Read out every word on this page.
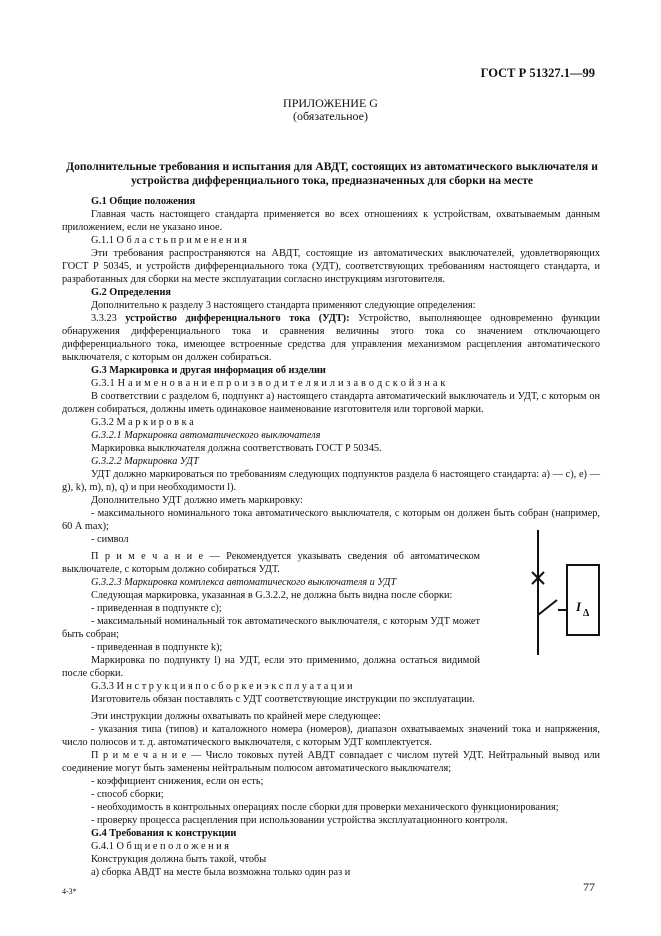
ГОСТ Р 51327.1—99
ПРИЛОЖЕНИЕ G
(обязательное)
Дополнительные требования и испытания для АВДТ, состоящих из автоматического выключателя и устройства дифференциального тока, предназначенных для сборки на месте

G.1 Общие положения

Главная часть настоящего стандарта применяется во всех отношениях к устройствам, охватываемым данным приложением, если не указано иное.

G.1.1 О б л а с т ь п р и м е н е н и я

Эти требования распространяются на АВДТ, состоящие из автоматических выключателей, удовлетворяющих ГОСТ Р 50345, и устройств дифференциального тока (УДТ), соответствующих требованиям настоящего стандарта, и разработанных для сборки на месте эксплуатации согласно инструкциям изготовителя.

G.2 Определения

Дополнительно к разделу 3 настоящего стандарта применяют следующие определения:

3.3.23 устройство дифференциального тока (УДТ): Устройство, выполняющее одновременно функции обнаружения дифференциального тока и сравнения величины этого тока со значением отключающего дифференциального тока, имеющее встроенные средства для управления механизмом расцепления автоматического выключателя, с которым он должен собираться.

G.3 Маркировка и другая информация об изделии

G.3.1 Н а и м е н о в а н и е п р о и з в о д и т е л я и л и з а в о д с к о й з н а к

В соответствии с разделом 6, подпункт а) настоящего стандарта автоматический выключатель и УДТ, с которым он должен собираться, должны иметь одинаковое наименование изготовителя или торговой марки.

G.3.2 М а р к и р о в к а

G.3.2.1 Маркировка автоматического выключателя

Маркировка выключателя должна соответствовать ГОСТ Р 50345.

G.3.2.2 Маркировка УДТ

УДТ должно маркироваться по требованиям следующих подпунктов раздела 6 настоящего стандарта: а) — с), е) — g), k), m), n), q) и при необходимости l).

Дополнительно УДТ должно иметь маркировку:

- максимального номинального тока автоматического выключателя, с которым он должен быть собран (например, 60 А max);

- символ

П р и м е ч а н и е — Рекомендуется указывать сведения об автоматическом выключателе, с которым должно собираться УДТ.

G.3.2.3 Маркировка комплекса автоматического выключателя и УДТ

Следующая маркировка, указанная в G.3.2.2, не должна быть видна после сборки:

- приведенная в подпункте с);

- максимальный номинальный ток автоматического выключателя, с которым УДТ может быть собран;

- приведенная в подпункте k);

Маркировка по подпункту l) на УДТ, если это применимо, должна остаться видимой после сборки.

G.3.3 И н с т р у к ц и я п о с б о р к е и э к с п л у а т а ц и и

Изготовитель обязан поставлять с УДТ соответствующие инструкции по эксплуатации.

Эти инструкции должны охватывать по крайней мере следующее:

- указания типа (типов) и каталожного номера (номеров), диапазон охватываемых значений тока и напряжения, число полюсов и т. д. автоматического выключателя, с которым УДТ комплектуется.

П р и м е ч а н и е — Число токовых путей АВДТ совпадает с числом путей УДТ. Нейтральный вывод или соединение могут быть заменены нейтральным полюсом автоматического выключателя;

- коэффициент снижения, если он есть;

- способ сборки;

- необходимость в контрольных операциях после сборки для проверки механического функционирования;

- проверку процесса расцепления при использовании устройства эксплуатационного контроля.

G.4 Требования к конструкции

G.4.1 О б щ и е п о л о ж е н и я

Конструкция должна быть такой, чтобы

а) сборка АВДТ на месте была возможна только один раз и

I Δ
4-3*	77
